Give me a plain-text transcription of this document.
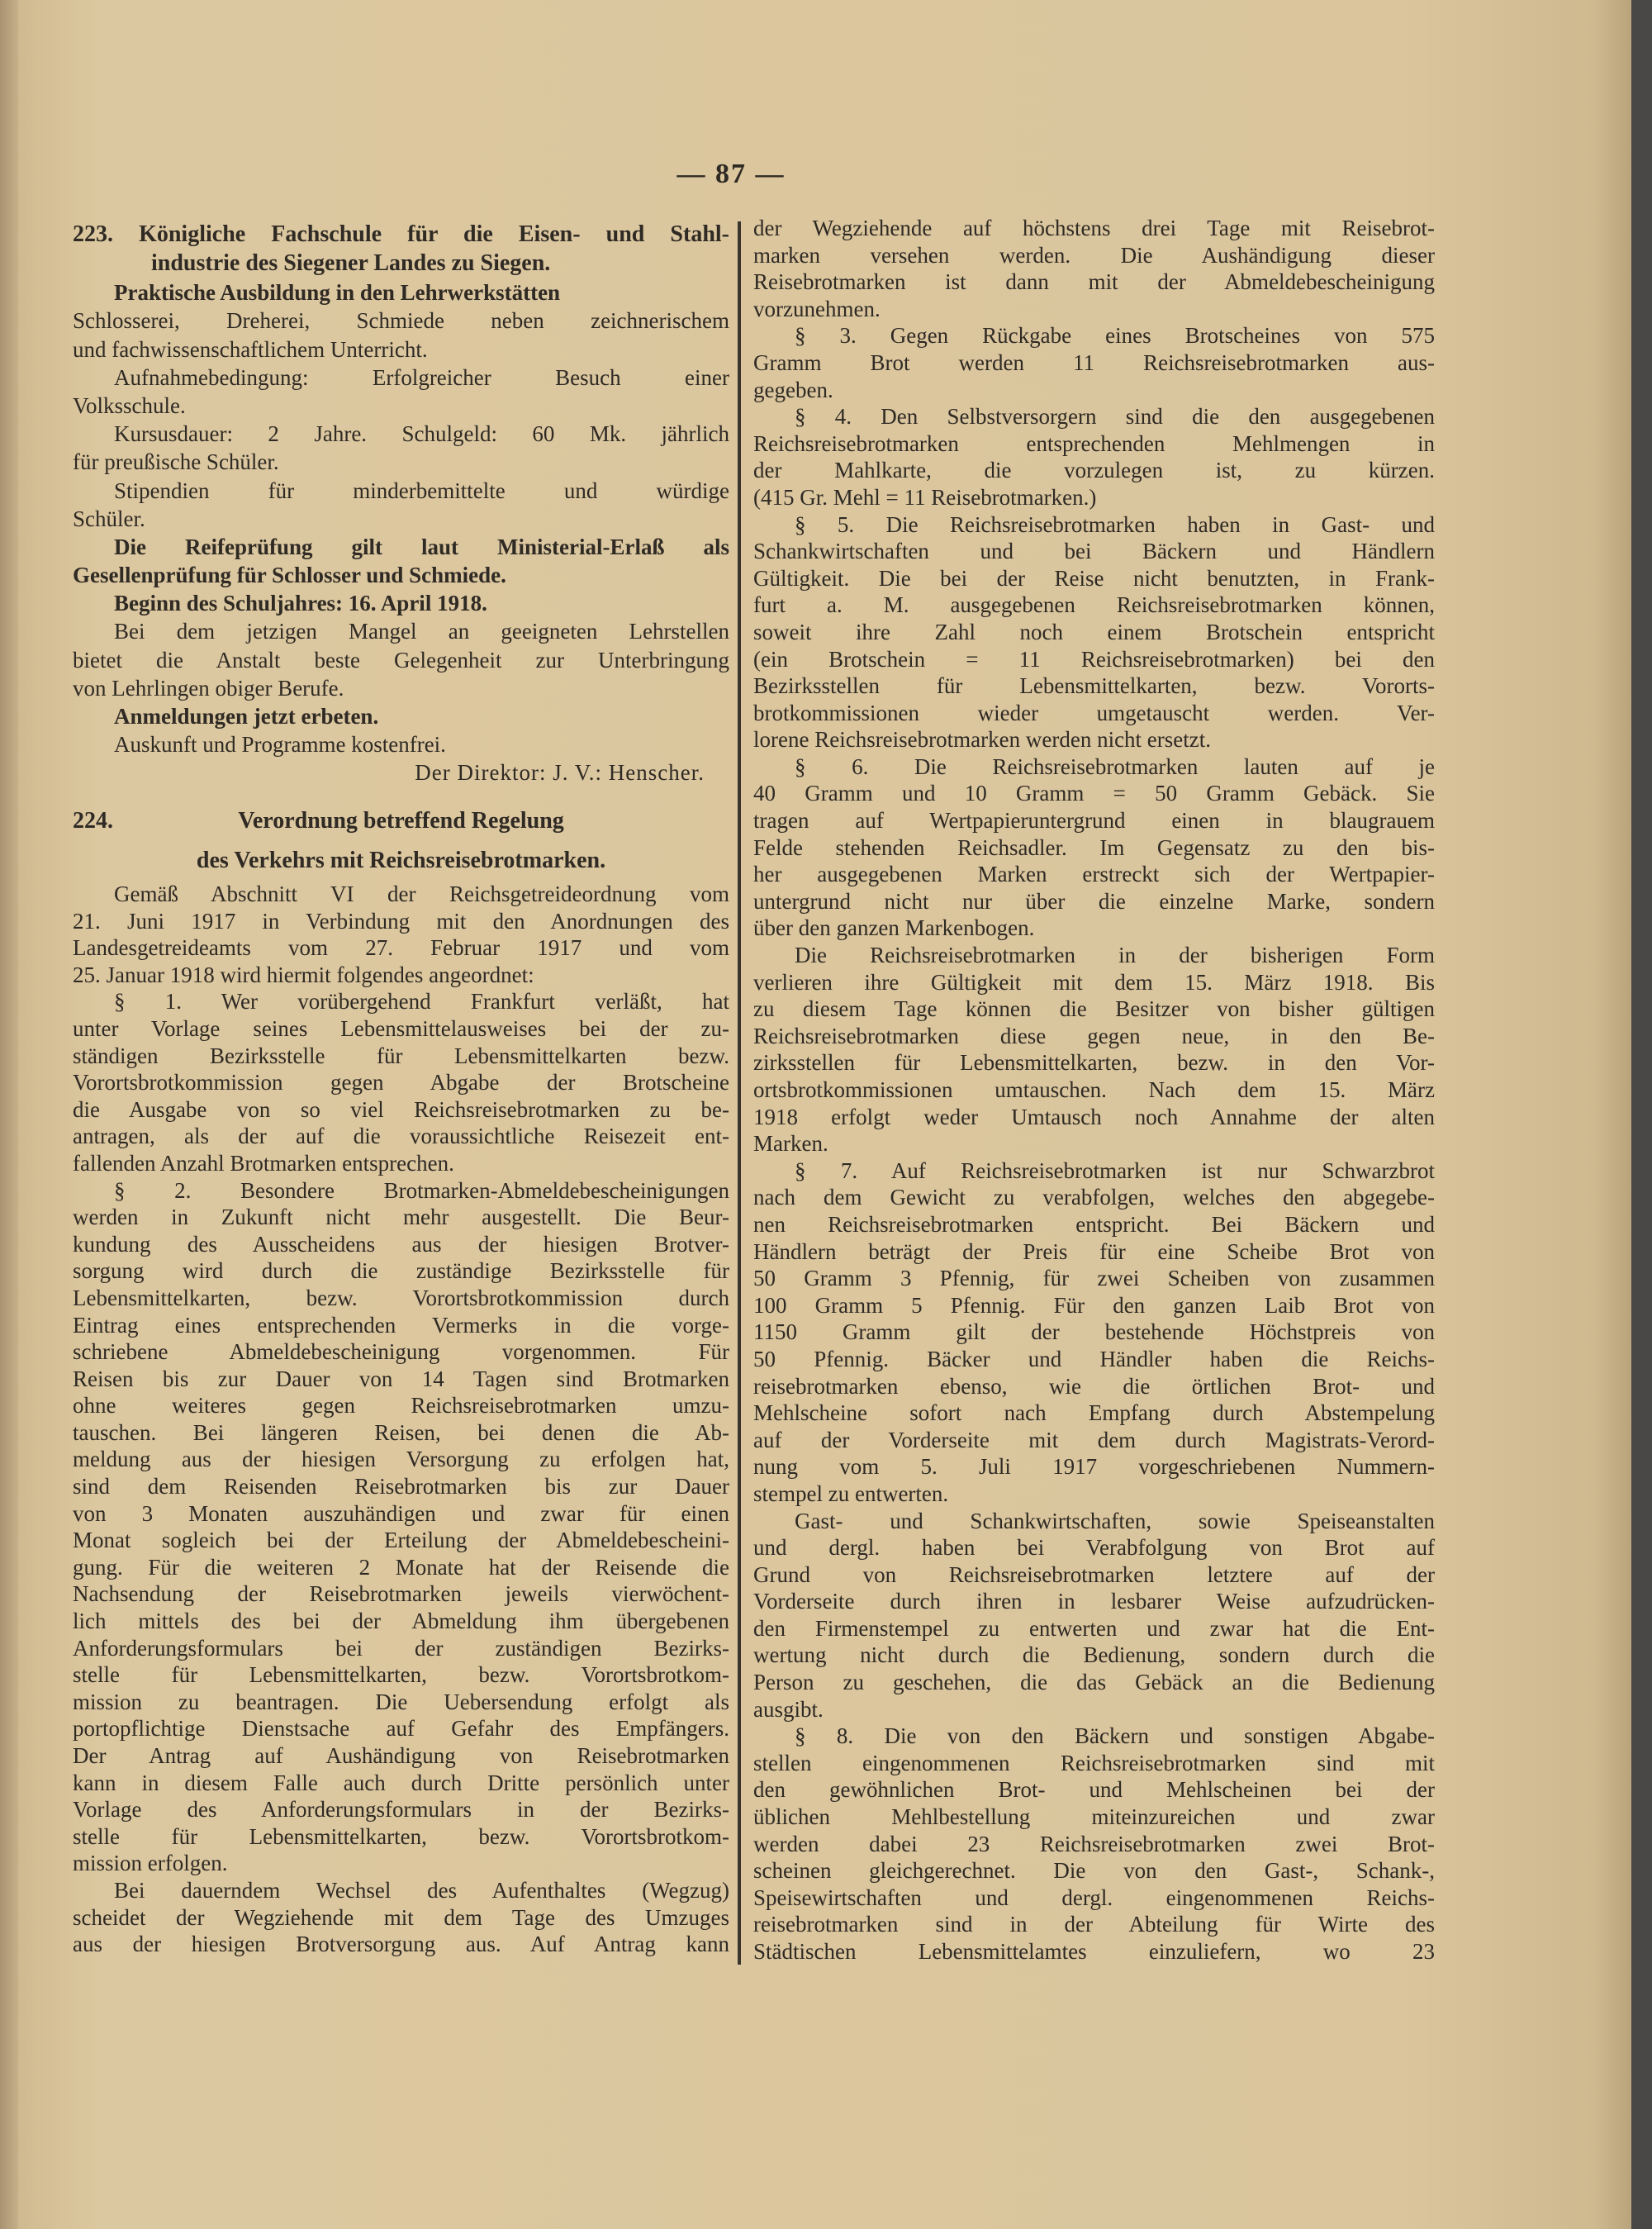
— 87 —
223. Königliche Fachschule für die Eisen- und Stahl-
industrie des Siegener Landes zu Siegen.
Praktische Ausbildung in den Lehrwerkstätten
Schlosserei, Dreherei, Schmiede neben zeichnerischem
und fachwissenschaftlichem Unterricht.
Aufnahmebedingung: Erfolgreicher Besuch einer
Volksschule.
Kursusdauer: 2 Jahre. Schulgeld: 60 Mk. jährlich
für preußische Schüler.
Stipendien für minderbemittelte und würdige
Schüler.
Die Reifeprüfung gilt laut Ministerial-Erlaß als
Gesellenprüfung für Schlosser und Schmiede.
Beginn des Schuljahres: 16. April 1918.
Bei dem jetzigen Mangel an geeigneten Lehrstellen
bietet die Anstalt beste Gelegenheit zur Unterbringung
von Lehrlingen obiger Berufe.
Anmeldungen jetzt erbeten.
Auskunft und Programme kostenfrei.
Der Direktor: J. V.: Henscher.
224.	Verordnung betreffend Regelung
des Verkehrs mit Reichsreisebrotmarken.
Gemäß Abschnitt VI der Reichsgetreideordnung vom
21. Juni 1917 in Verbindung mit den Anordnungen des
Landesgetreideamts vom 27. Februar 1917 und vom
25. Januar 1918 wird hiermit folgendes angeordnet:
§ 1. Wer vorübergehend Frankfurt verläßt, hat
unter Vorlage seines Lebensmittelausweises bei der zu-
ständigen Bezirksstelle für Lebensmittelkarten bezw.
Vorortsbrotkommission gegen Abgabe der Brotscheine
die Ausgabe von so viel Reichsreisebrotmarken zu be-
antragen, als der auf die voraussichtliche Reisezeit ent-
fallenden Anzahl Brotmarken entsprechen.
§ 2. Besondere Brotmarken-Abmeldebescheinigungen
werden in Zukunft nicht mehr ausgestellt. Die Beur-
kundung des Ausscheidens aus der hiesigen Brotver-
sorgung wird durch die zuständige Bezirksstelle für
Lebensmittelkarten, bezw. Vorortsbrotkommission durch
Eintrag eines entsprechenden Vermerks in die vorge-
schriebene Abmeldebescheinigung vorgenommen. Für
Reisen bis zur Dauer von 14 Tagen sind Brotmarken
ohne weiteres gegen Reichsreisebrotmarken umzu-
tauschen. Bei längeren Reisen, bei denen die Ab-
meldung aus der hiesigen Versorgung zu erfolgen hat,
sind dem Reisenden Reisebrotmarken bis zur Dauer
von 3 Monaten auszuhändigen und zwar für einen
Monat sogleich bei der Erteilung der Abmeldebescheini-
gung. Für die weiteren 2 Monate hat der Reisende die
Nachsendung der Reisebrotmarken jeweils vierwöchent-
lich mittels des bei der Abmeldung ihm übergebenen
Anforderungsformulars bei der zuständigen Bezirks-
stelle für Lebensmittelkarten, bezw. Vorortsbrotkom-
mission zu beantragen. Die Uebersendung erfolgt als
portopflichtige Dienstsache auf Gefahr des Empfängers.
Der Antrag auf Aushändigung von Reisebrotmarken
kann in diesem Falle auch durch Dritte persönlich unter
Vorlage des Anforderungsformulars in der Bezirks-
stelle für Lebensmittelkarten, bezw. Vorortsbrotkom-
mission erfolgen.
Bei dauerndem Wechsel des Aufenthaltes (Wegzug)
scheidet der Wegziehende mit dem Tage des Umzuges
aus der hiesigen Brotversorgung aus. Auf Antrag kann
der Wegziehende auf höchstens drei Tage mit Reisebrot-
marken versehen werden. Die Aushändigung dieser
Reisebrotmarken ist dann mit der Abmeldebescheinigung
vorzunehmen.
§ 3. Gegen Rückgabe eines Brotscheines von 575
Gramm Brot werden 11 Reichsreisebrotmarken aus-
gegeben.
§ 4. Den Selbstversorgern sind die den ausgegebenen
Reichsreisebrotmarken entsprechenden Mehlmengen in
der Mahlkarte, die vorzulegen ist, zu kürzen.
(415 Gr. Mehl = 11 Reisebrotmarken.)
§ 5. Die Reichsreisebrotmarken haben in Gast- und
Schankwirtschaften und bei Bäckern und Händlern
Gültigkeit. Die bei der Reise nicht benutzten, in Frank-
furt a. M. ausgegebenen Reichsreisebrotmarken können,
soweit ihre Zahl noch einem Brotschein entspricht
(ein Brotschein = 11 Reichsreisebrotmarken) bei den
Bezirksstellen für Lebensmittelkarten, bezw. Vororts-
brotkommissionen wieder umgetauscht werden. Ver-
lorene Reichsreisebrotmarken werden nicht ersetzt.
§ 6. Die Reichsreisebrotmarken lauten auf je
40 Gramm und 10 Gramm = 50 Gramm Gebäck. Sie
tragen auf Wertpapieruntergrund einen in blaugrauem
Felde stehenden Reichsadler. Im Gegensatz zu den bis-
her ausgegebenen Marken erstreckt sich der Wertpapier-
untergrund nicht nur über die einzelne Marke, sondern
über den ganzen Markenbogen.
Die Reichsreisebrotmarken in der bisherigen Form
verlieren ihre Gültigkeit mit dem 15. März 1918. Bis
zu diesem Tage können die Besitzer von bisher gültigen
Reichsreisebrotmarken diese gegen neue, in den Be-
zirksstellen für Lebensmittelkarten, bezw. in den Vor-
ortsbrotkommissionen umtauschen. Nach dem 15. März
1918 erfolgt weder Umtausch noch Annahme der alten
Marken.
§ 7. Auf Reichsreisebrotmarken ist nur Schwarzbrot
nach dem Gewicht zu verabfolgen, welches den abgegebe-
nen Reichsreisebrotmarken entspricht. Bei Bäckern und
Händlern beträgt der Preis für eine Scheibe Brot von
50 Gramm 3 Pfennig, für zwei Scheiben von zusammen
100 Gramm 5 Pfennig. Für den ganzen Laib Brot von
1150 Gramm gilt der bestehende Höchstpreis von
50 Pfennig. Bäcker und Händler haben die Reichs-
reisebrotmarken ebenso, wie die örtlichen Brot- und
Mehlscheine sofort nach Empfang durch Abstempelung
auf der Vorderseite mit dem durch Magistrats-Verord-
nung vom 5. Juli 1917 vorgeschriebenen Nummern-
stempel zu entwerten.
Gast- und Schankwirtschaften, sowie Speiseanstalten
und dergl. haben bei Verabfolgung von Brot auf
Grund von Reichsreisebrotmarken letztere auf der
Vorderseite durch ihren in lesbarer Weise aufzudrücken-
den Firmenstempel zu entwerten und zwar hat die Ent-
wertung nicht durch die Bedienung, sondern durch die
Person zu geschehen, die das Gebäck an die Bedienung
ausgibt.
§ 8. Die von den Bäckern und sonstigen Abgabe-
stellen eingenommenen Reichsreisebrotmarken sind mit
den gewöhnlichen Brot- und Mehlscheinen bei der
üblichen Mehlbestellung miteinzureichen und zwar
werden dabei 23 Reichsreisebrotmarken zwei Brot-
scheinen gleichgerechnet. Die von den Gast-, Schank-,
Speisewirtschaften und dergl. eingenommenen Reichs-
reisebrotmarken sind in der Abteilung für Wirte des
Städtischen Lebensmittelamtes einzuliefern, wo 23
